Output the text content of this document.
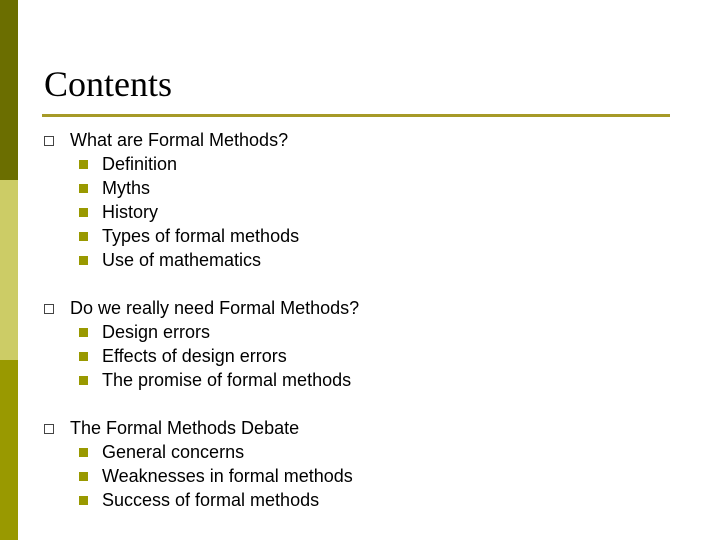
Contents
What are Formal Methods?
Definition
Myths
History
Types of formal methods
Use of mathematics
Do we really need Formal Methods?
Design errors
Effects of design errors
The promise of formal methods
The Formal Methods Debate
General concerns
Weaknesses in formal methods
Success of formal methods
